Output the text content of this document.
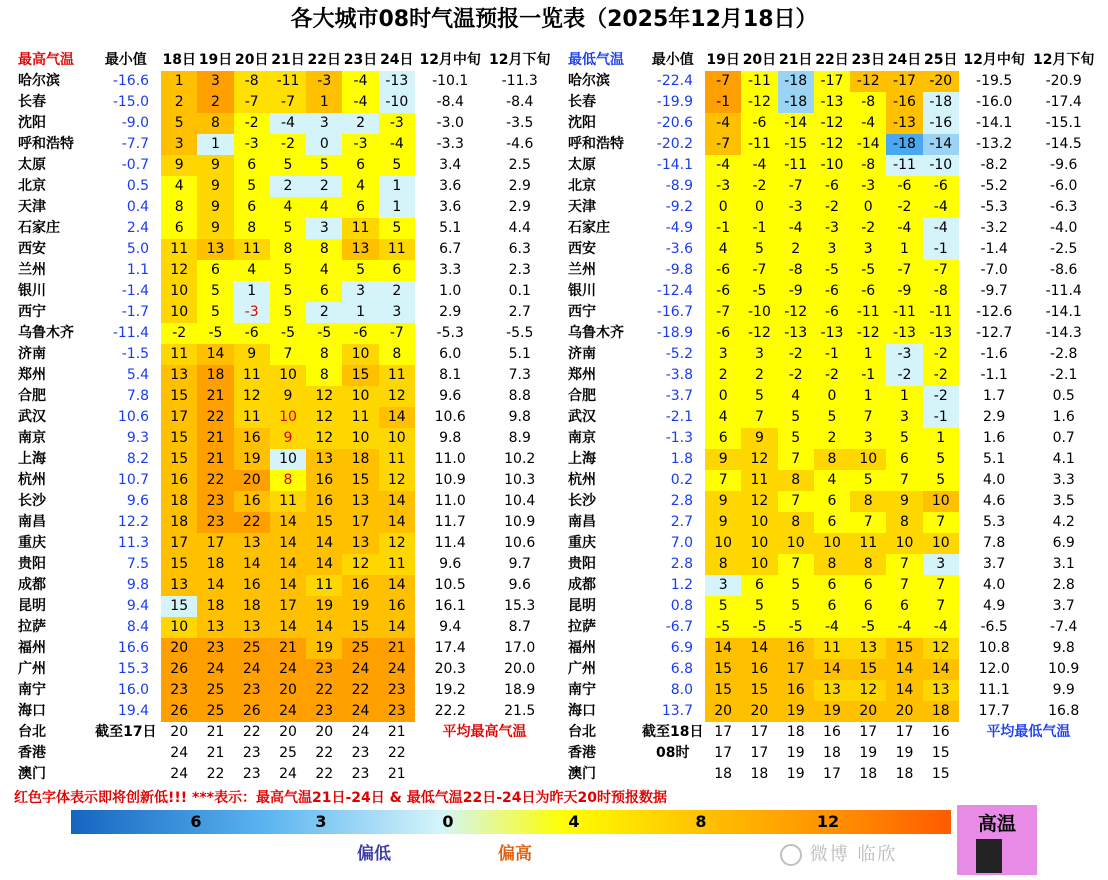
各大城市08时气温预报一览表（2025年12月18日）
最高气温	最小值	18日	19日	20日	21日	22日	23日	24日	12月中旬	12月下旬
哈尔滨	-16.6	1	3	-8	-11	-3	-4	-13	-10.1	-11.3
长春	-15.0	2	2	-7	-7	1	-4	-10	-8.4	-8.4
沈阳	-9.0	5	8	-2	-4	3	2	-3	-3.0	-3.5
呼和浩特	-7.7	3	1	-3	-2	0	-3	-4	-3.3	-4.6
太原	-0.7	9	9	6	5	5	6	5	3.4	2.5
北京	0.5	4	9	5	2	2	4	1	3.6	2.9
天津	0.4	8	9	6	4	4	6	1	3.6	2.9
石家庄	2.4	6	9	8	5	3	11	5	5.1	4.4
西安	5.0	11	13	11	8	8	13	11	6.7	6.3
兰州	1.1	12	6	4	5	4	5	6	3.3	2.3
银川	-1.4	10	5	1	5	6	3	2	1.0	0.1
西宁	-1.7	10	5	-3	5	2	1	3	2.9	2.7
乌鲁木齐	-11.4	-2	-5	-6	-5	-5	-6	-7	-5.3	-5.5
济南	-1.5	11	14	9	7	8	10	8	6.0	5.1
郑州	5.4	13	18	11	10	8	15	11	8.1	7.3
合肥	7.8	15	21	12	9	12	10	12	9.6	8.8
武汉	10.6	17	22	11	10	12	11	14	10.6	9.8
南京	9.3	15	21	16	9	12	10	10	9.8	8.9
上海	8.2	15	21	19	10	13	18	11	11.0	10.2
杭州	10.7	16	22	20	8	16	15	12	10.9	10.3
长沙	9.6	18	23	16	11	16	13	14	11.0	10.4
南昌	12.2	18	23	22	14	15	17	14	11.7	10.9
重庆	11.3	17	17	13	14	14	13	12	11.4	10.6
贵阳	7.5	15	18	14	14	14	12	11	9.6	9.7
成都	9.8	13	14	16	14	11	16	14	10.5	9.6
昆明	9.4	15	18	18	17	19	19	16	16.1	15.3
拉萨	8.4	10	13	13	14	14	15	14	9.4	8.7
福州	16.6	20	23	25	21	19	25	21	17.4	17.0
广州	15.3	26	24	24	24	23	24	24	20.3	20.0
南宁	16.0	23	25	23	20	22	22	23	19.2	18.9
海口	19.4	26	25	26	24	23	24	23	22.2	21.5
台北	截至17日	20	21	22	20	20	24	21	平均最高气温	
香港		24	21	23	25	22	23	22		
澳门		24	22	23	24	22	23	21		
最低气温	最小值	19日	20日	21日	22日	23日	24日	25日	12月中旬	12月下旬
哈尔滨	-22.4	-7	-11	-18	-17	-12	-17	-20	-19.5	-20.9
长春	-19.9	-1	-12	-18	-13	-8	-16	-18	-16.0	-17.4
沈阳	-20.6	-4	-6	-14	-12	-4	-13	-16	-14.1	-15.1
呼和浩特	-20.2	-7	-11	-15	-12	-14	-18	-14	-13.2	-14.5
太原	-14.1	-4	-4	-11	-10	-8	-11	-10	-8.2	-9.6
北京	-8.9	-3	-2	-7	-6	-3	-6	-6	-5.2	-6.0
天津	-9.2	0	0	-3	-2	0	-2	-4	-5.3	-6.3
石家庄	-4.9	-1	-1	-4	-3	-2	-4	-4	-3.2	-4.0
西安	-3.6	4	5	2	3	3	1	-1	-1.4	-2.5
兰州	-9.8	-6	-7	-8	-5	-5	-7	-7	-7.0	-8.6
银川	-12.4	-6	-5	-9	-6	-6	-9	-8	-9.7	-11.4
西宁	-16.7	-7	-10	-12	-6	-11	-11	-11	-12.6	-14.1
乌鲁木齐	-18.9	-6	-12	-13	-13	-12	-13	-13	-12.7	-14.3
济南	-5.2	3	3	-2	-1	1	-3	-2	-1.6	-2.8
郑州	-3.8	2	2	-2	-2	-1	-2	-2	-1.1	-2.1
合肥	-3.7	0	5	4	0	1	1	-2	1.7	0.5
武汉	-2.1	4	7	5	5	7	3	-1	2.9	1.6
南京	-1.3	6	9	5	2	3	5	1	1.6	0.7
上海	1.8	9	12	7	8	10	6	5	5.1	4.1
杭州	0.2	7	11	8	4	5	7	5	4.0	3.3
长沙	2.8	9	12	7	6	8	9	10	4.6	3.5
南昌	2.7	9	10	8	6	7	8	7	5.3	4.2
重庆	7.0	10	10	10	10	11	10	10	7.8	6.9
贵阳	2.8	8	10	7	8	8	7	3	3.7	3.1
成都	1.2	3	6	5	6	6	7	7	4.0	2.8
昆明	0.8	5	5	5	6	6	6	7	4.9	3.7
拉萨	-6.7	-5	-5	-5	-4	-5	-4	-4	-6.5	-7.4
福州	6.9	14	14	16	11	13	15	12	10.8	9.8
广州	6.8	15	16	17	14	15	14	14	12.0	10.9
南宁	8.0	15	15	16	13	12	14	13	11.1	9.9
海口	13.7	20	20	19	19	20	20	18	17.7	16.8
台北	截至18日	17	17	18	16	17	17	16	平均最低气温	
香港	08时	17	17	19	18	19	19	15		
澳门		18	18	19	17	18	18	15		
红色字体表示即将创新低!!! ***表示：最高气温21日-24日 & 最低气温22日-24日为昨天20时预报数据
6	3	0	4	8	12
偏低	偏高
高温
微博 临欣
